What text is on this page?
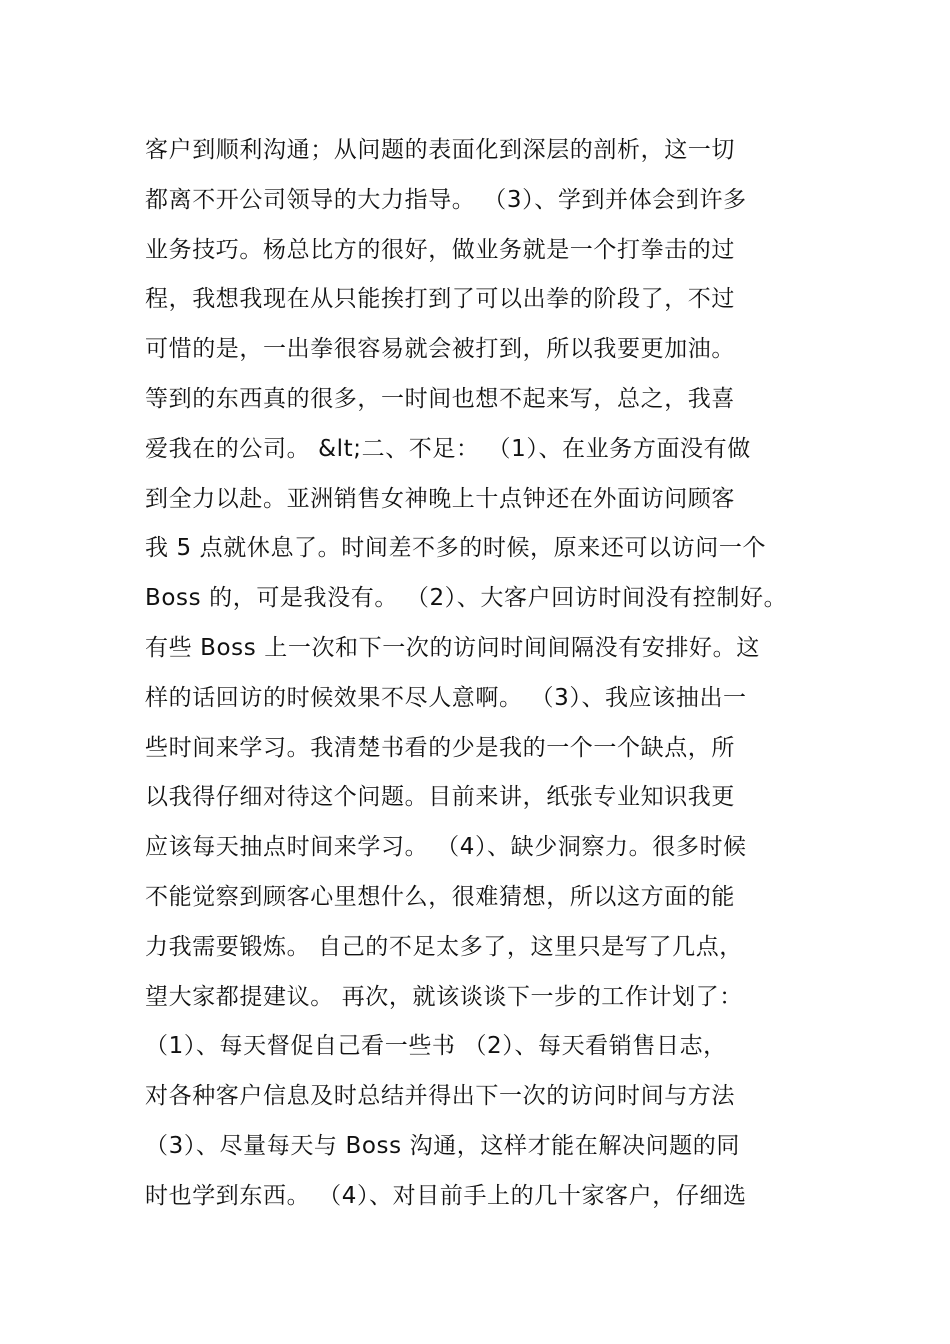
客户到顺利沟通；从问题的表面化到深层的剖析，这一切
都离不开公司领导的大力指导。 （3）、学到并体会到许多
业务技巧。杨总比方的很好，做业务就是一个打拳击的过
程，我想我现在从只能挨打到了可以出拳的阶段了，不过
可惜的是，一出拳很容易就会被打到，所以我要更加油。
等到的东西真的很多，一时间也想不起来写，总之，我喜
爱我在的公司。 &lt;二、不足： （1）、在业务方面没有做
到全力以赴。亚洲销售女神晚上十点钟还在外面访问顾客
我 5 点就休息了。时间差不多的时候，原来还可以访问一个
Boss 的，可是我没有。 （2）、大客户回访时间没有控制好。
有些 Boss 上一次和下一次的访问时间间隔没有安排好。这
样的话回访的时候效果不尽人意啊。 （3）、我应该抽出一
些时间来学习。我清楚书看的少是我的一个一个缺点，所
以我得仔细对待这个问题。目前来讲，纸张专业知识我更
应该每天抽点时间来学习。 （4）、缺少洞察力。很多时候
不能觉察到顾客心里想什么，很难猜想，所以这方面的能
力我需要锻炼。 自己的不足太多了，这里只是写了几点，
望大家都提建议。 再次，就该谈谈下一步的工作计划了：
（1）、每天督促自己看一些书 （2）、每天看销售日志，
对各种客户信息及时总结并得出下一次的访问时间与方法
（3）、尽量每天与 Boss 沟通，这样才能在解决问题的同
时也学到东西。 （4）、对目前手上的几十家客户，仔细选
